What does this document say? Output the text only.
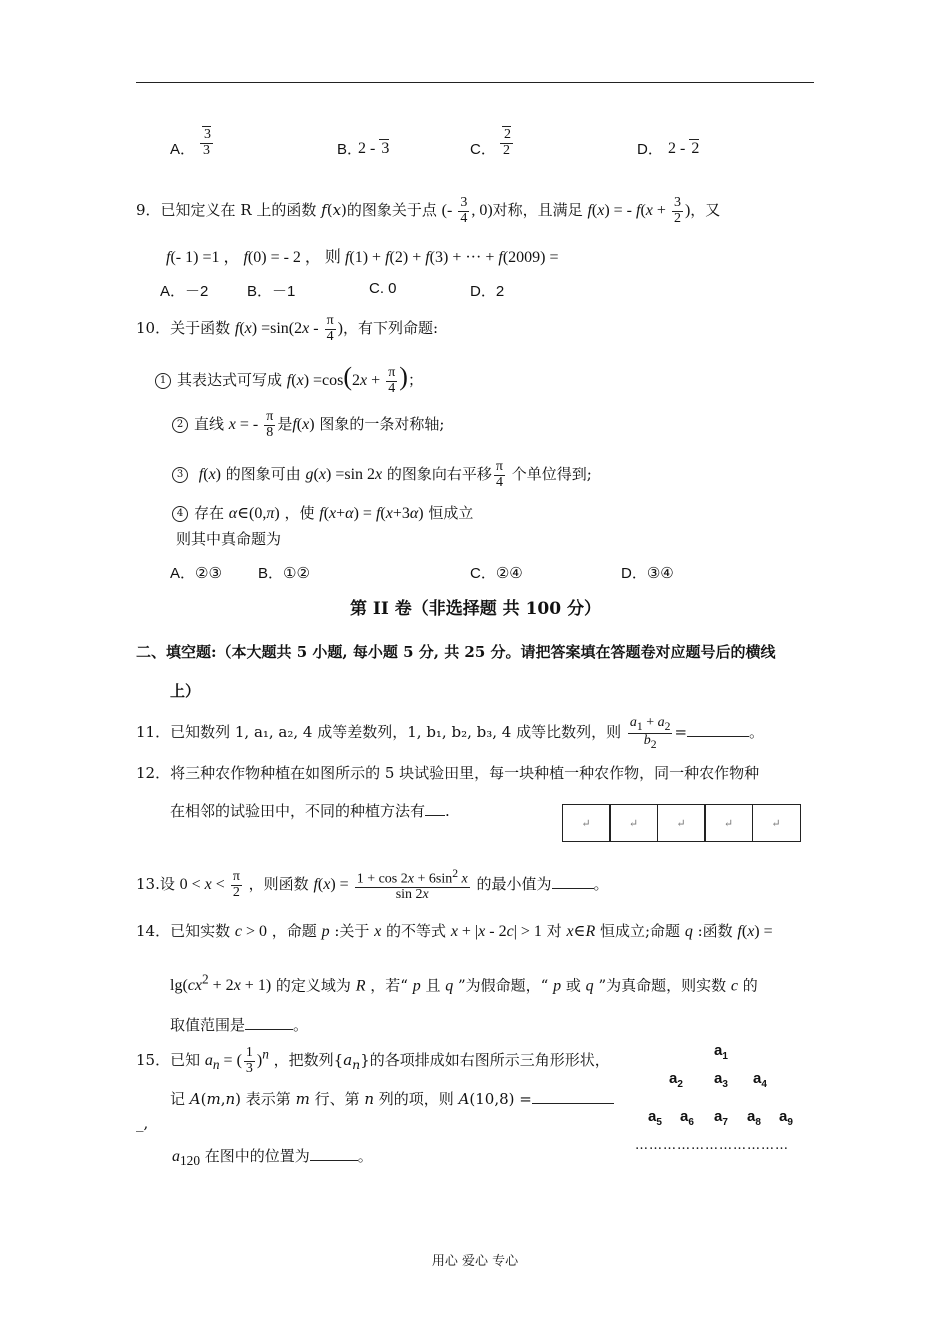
A． $\frac{3}{3}$	B．
2 - 3	C． $\frac{2}{2}$	D． 2 - 2
9．已知定义在 R 上的函数 f(x)的图象关于点 (- $\frac{3}{4}$ , 0)对称，且满足 f(x) = - $f(x + \frac{3}{2}$ )，又
f(- 1) =1 ， f(0) = - 2 ， 则 f(1) + f(2) + f(3) + ··· + f(2009) =
A．－2	B．－1	C. 0	D．2
10．关于函数 $f(x) =\sin(2x - \frac{\pi}{4}$ )，有下列命题:
1 其表达式可写成 $f(x) =\cos(2x + \frac{\pi}{4}$ )；
2 直线 x = - $\frac{\pi}{8}$ 是f(x) 图象的一条对称轴;
3 f(x) 的图象可由 g(x) =sin 2x 的图象向右平移 $\frac{\pi}{4}$ 个单位得到;
4 存在 α∈(0,π) ，使 f(x+α) = f(x+3α) 恒成立
则其中真命题为
A．②③ B．①②	C．②④	D．③④
第 II 卷（非选择题 共 100 分）
二、填空题:（本大题共 5 小题, 每小题 5 分, 共 25 分。请把答案填在答题卷对应题号后的横线
上）
11．已知数列 1, a₁, a₂, 4 成等差数列，1, b₁, b₂, b₃, 4 成等比数列，则 $\frac{a_1 + a_2}{b_2}$ =	。
12．将三种农作物种植在如图所示的 5 块试验田里，每一块种植一种农作物，同一种农作物种
在相邻的试验田中，不同的种植方法有 .
↵	↵	↵	↵	↵
13.设 $0 < x < \frac{\pi}{2}$ ，则函数 $f(x) = \frac{1 + \cos 2x + 6\sin^2 x}{\sin 2x}$ 的最小值为	。
14．已知实数 c > 0 ，命题 p :关于 x 的不等式 x + |x - 2c| > 1 对 x∈R 恒成立;命题 q :函数 f(x) =
$\lg(cx^2 + 2x + 1)$ 的定义域为 R ，若“ p 且 q ”为假命题，“ p 或 q ”为真命题，则实数 c 的
取值范围是	。
15．已知 $a_n$ = ( $\frac{1}{3} )^n$ ，把数列$\{a_n\}$的各项排成如右图所示三角形形状，
记 A(m,n) 表示第 m 行、第 n 列的项，则 A(10,8) =
_,
$a_{120}$ 在图中的位置为	。
$a_1$
$a_2$ $a_3$ $a_4$
$a_5$ $a_6$ $a_7$ $a_8$ $a_9$
……………………………
用心 爱心 专心
